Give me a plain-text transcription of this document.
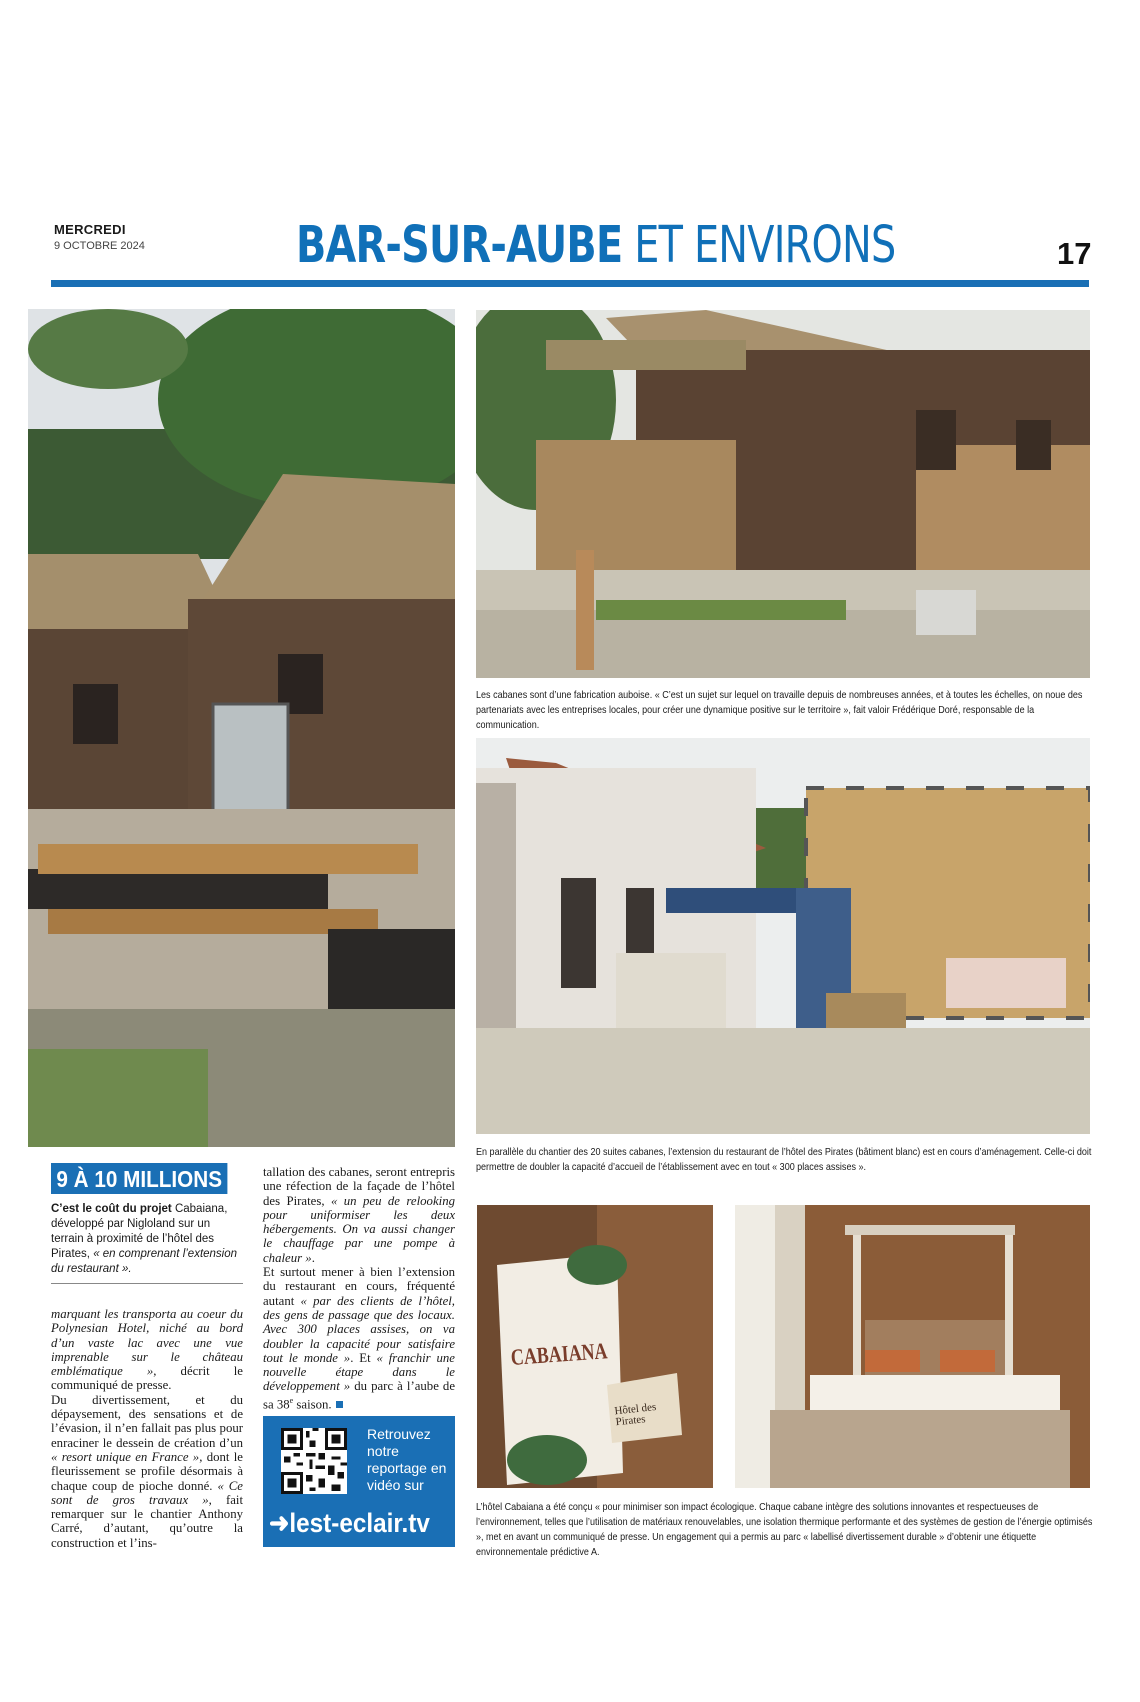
MERCREDI
9 OCTOBRE 2024	BAR-SUR-AUBE ET ENVIRONS	17
Les cabanes sont d’une fabrication auboise. « C’est un sujet sur lequel on travaille depuis de nombreuses années, et à toutes les échelles, on noue des partenariats avec les entreprises locales, pour créer une dynamique positive sur le territoire », fait valoir Frédérique Doré, responsable de la communication.
En parallèle du chantier des 20 suites cabanes, l’extension du restaurant de l’hôtel des Pirates (bâtiment blanc) est en cours d’aménagement. Celle-ci doit permettre de doubler la capacité d’accueil de l’établissement avec en tout « 300 places assises ».
CABAIANA
Hôtel des Pirates
L’hôtel Cabaiana a été conçu « pour minimiser son impact écologique. Chaque cabane intègre des solutions innovantes et respectueuses de l’environnement, telles que l’utilisation de matériaux renouvelables, une isolation thermique performante et des systèmes de gestion de l’énergie optimisés », met en avant un communiqué de presse. Un engagement qui a permis au parc « labellisé divertissement durable » d’obtenir une étiquette environnementale prédictive A.
9 À 10 MILLIONS
C’est le coût du projet Cabaiana, développé par Nigloland sur un terrain à proximité de l’hôtel des Pirates, « en comprenant l’extension du restaurant ».
marquant les transporta au coeur du Polynesian Hotel, niché au bord d’un vaste lac avec une vue imprenable sur le château emblématique », décrit le communiqué de presse.
Du divertissement, et du dépaysement, des sensations et de l’évasion, il n’en fallait pas plus pour enraciner le dessein de création d’un « resort unique en France », dont le fleurissement se profile désormais à chaque coup de pioche donné. « Ce sont de gros travaux », fait remarquer sur le chantier Anthony Carré, d’autant, qu’outre la construction et l’ins-
tallation des cabanes, seront entrepris une réfection de la façade de l’hôtel des Pirates, « un peu de relooking pour uniformiser les deux hébergements. On va aussi changer le chauffage par une pompe à chaleur ».
Et surtout mener à bien l’extension du restaurant en cours, fréquenté autant « par des clients de l’hôtel, des gens de passage que des locaux. Avec 300 places assises, on va doubler la capacité pour satisfaire tout le monde ». Et « franchir une nouvelle étape dans le développement » du parc à l’aube de sa 38e saison.
Retrouvez notre reportage en vidéo sur
➜lest-eclair.tv
